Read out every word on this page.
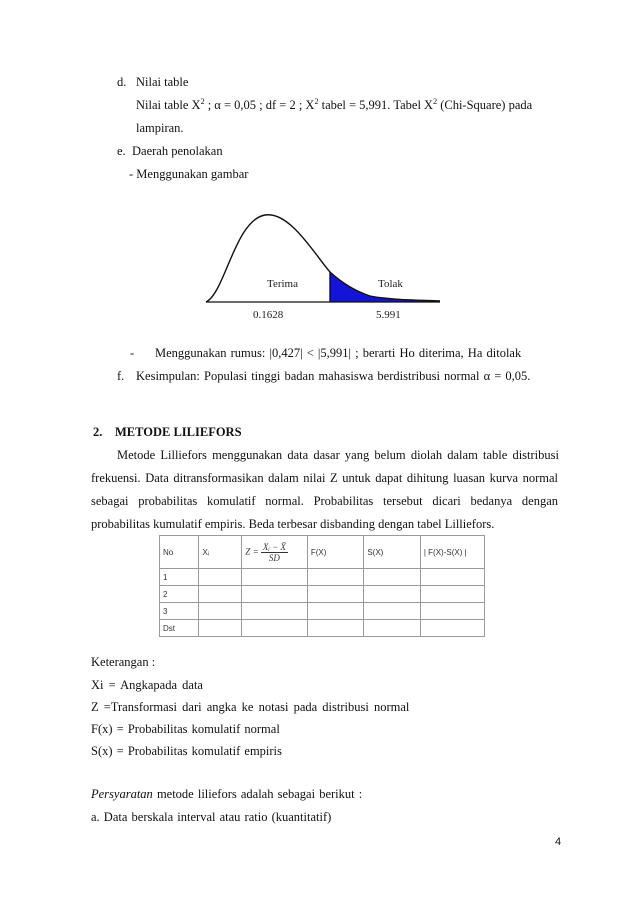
d. Nilai table
Nilai table $X^2$ ; α = 0,05 ; df = 2 ; $X^2$ tabel = 5,991. Tabel $X^2$ (Chi-Square) pada
lampiran.
e. Daerah penolakan
- Menggunakan gambar
Terima	Tolak
0.1628	5.991
- Menggunakan rumus: |0,427| < |5,991| ; berarti Ho diterima, Ha ditolak
f. Kesimpulan: Populasi tinggi badan mahasiswa berdistribusi normal α = 0,05.
2. METODE LILIEFORS
Metode Lilliefors menggunakan data dasar yang belum diolah dalam table distribusi
frekuensi. Data ditransformasikan dalam nilai Z untuk dapat dihitung luasan kurva normal
sebagai probabilitas komulatif normal. Probabilitas tersebut dicari bedanya dengan
probabilitas kumulatif empiris. Beda terbesar disbanding dengan tabel Lilliefors.
No	Xᵢ	$Z = \frac{\text{Xᵢ − X̄}}{SD}$	F(X)	S(X)	| F(X)-S(X) |
1					
2					
3					
Dst					
Keterangan :
Xi = Angkapada data
Z =Transformasi dari angka ke notasi pada distribusi normal
F(x) = Probabilitas komulatif normal
S(x) = Probabilitas komulatif empiris
Persyaratan metode liliefors adalah sebagai berikut :
a. Data berskala interval atau ratio (kuantitatif)
4
